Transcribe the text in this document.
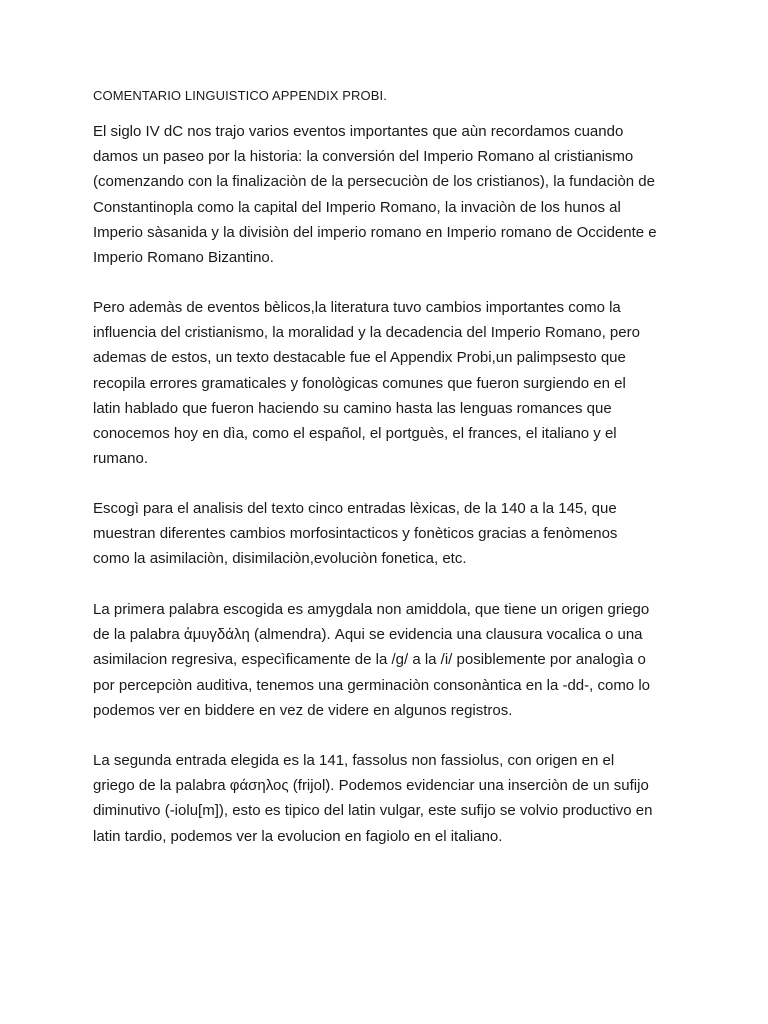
COMENTARIO LINGUISTICO APPENDIX PROBI.
El siglo IV dC nos trajo varios eventos importantes que aùn recordamos cuando
damos un paseo por la historia: la conversión del Imperio Romano al cristianismo
(comenzando con la finalizaciòn de la persecuciòn de los cristianos), la fundaciòn de
Constantinopla como la capital del Imperio Romano, la invaciòn de los hunos al
Imperio sàsanida y la divisiòn del imperio romano en Imperio romano de Occidente e
Imperio Romano Bizantino.
Pero ademàs de eventos bèlicos,la literatura tuvo cambios importantes como la
influencia del cristianismo, la moralidad y la decadencia del Imperio Romano, pero
ademas de estos, un texto destacable fue el Appendix Probi,un palimpsesto que
recopila errores gramaticales y fonològicas comunes que fueron surgiendo en el
latin hablado que fueron haciendo su camino hasta las lenguas romances que
conocemos hoy en dìa, como el español, el portguès, el frances, el italiano y el
rumano.
Escogì para el analisis del texto cinco entradas lèxicas, de la 140 a la 145, que
muestran diferentes cambios morfosintacticos y fonèticos gracias a fenòmenos
como la asimilaciòn, disimilaciòn,evoluciòn fonetica, etc.
La primera palabra escogida es amygdala non amiddola, que tiene un origen griego
de la palabra ἀμυγδάλη (almendra). Aqui se evidencia una clausura vocalica o una
asimilacion regresiva, especìficamente de la /g/ a la /i/ posiblemente por analogìa o
por percepciòn auditiva, tenemos una germinaciòn consonàntica en la -dd-, como lo
podemos ver en biddere en vez de videre en algunos registros.
La segunda entrada elegida es la 141, fassolus non fassiolus, con origen en el
griego de la palabra φάσηλος (frijol). Podemos evidenciar una inserciòn de un sufijo
diminutivo (-iolu[m]), esto es tipico del latin vulgar, este sufijo se volvio productivo en
latin tardio, podemos ver la evolucion en fagiolo en el italiano.
